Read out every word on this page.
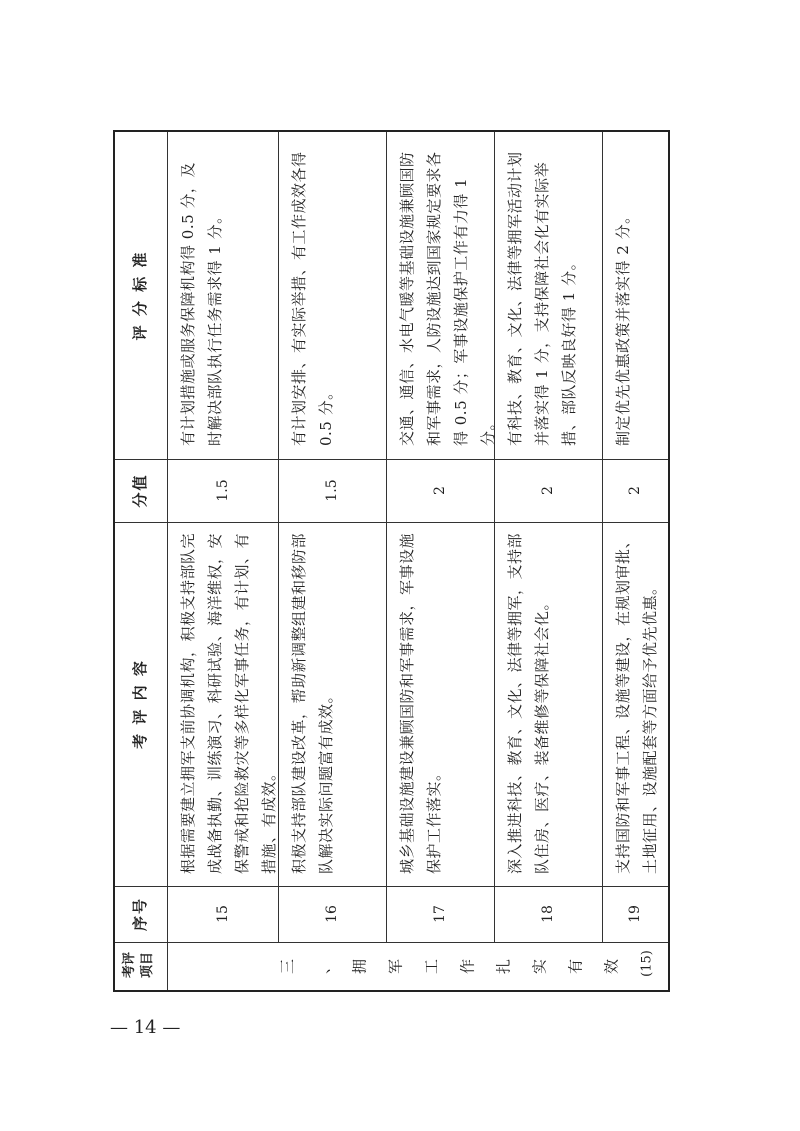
评 分 标 准
分值
考 评 内 容
序号
考评
项目	三 、 拥 军 工 作 扎 实 有 效 (15)
有计划措施或服务保障机构得 0.5 分，及时解决部队执行任务需求得 1 分。
1.5
根据需要建立拥军支前协调机构，积极支持部队完成战备执勤、训练演习、科研试验、海洋维权，安保警戒和抢险救灾等多样化军事任务，有计划、有措施、有成效。
15
有计划安排、有实际举措、有工作成效各得 0.5 分。
1.5
积极支持部队建设改革，帮助新调整组建和移防部队解决实际问题富有成效。
16
交通、通信、水电气暖等基础设施兼顾国防和军事需求，人防设施达到国家规定要求各得 0.5 分；军事设施保护工作有力得 1 分。
2
城乡基础设施建设兼顾国防和军事需求，军事设施保护工作落实。
17
有科技、教育、文化、法律等拥军活动计划并落实得 1 分，支持保障社会化有实际举措、部队反映良好得 1 分。
2
深入推进科技、教育、文化、法律等拥军，支持部队住房、医疗、装备维修等保障社会化。
18
制定优先优惠政策并落实得 2 分。
2
支持国防和军事工程、设施等建设，在规划审批、土地征用、设施配套等方面给予优先优惠。
19
— 14 —
